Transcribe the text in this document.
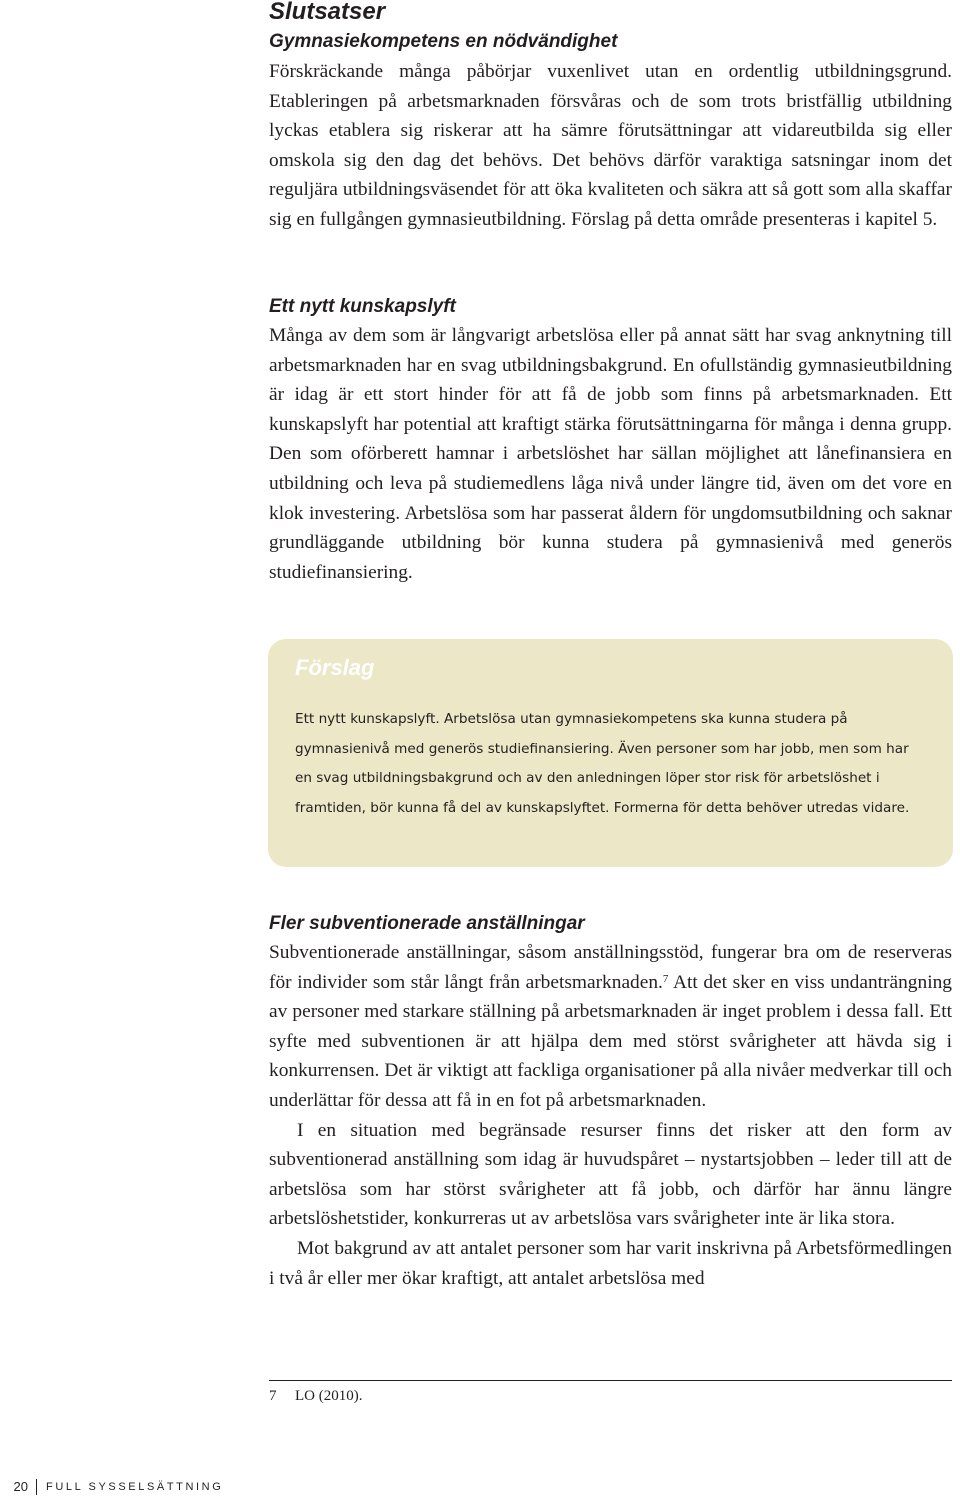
Slutsatser
Gymnasiekompetens en nödvändighet

Förskräckande många påbörjar vuxenlivet utan en ordentlig utbildningsgrund. Etableringen på arbetsmarknaden försvåras och de som trots bristfällig utbildning lyckas etablera sig riskerar att ha sämre förutsättningar att vidareutbilda sig eller omskola sig den dag det behövs. Det behövs därför varaktiga satsningar inom det reguljära utbildningsväsendet för att öka kvaliteten och säkra att så gott som alla skaffar sig en fullgången gymnasieutbildning. Förslag på detta område presenteras i kapitel 5.

Ett nytt kunskapslyft

Många av dem som är långvarigt arbetslösa eller på annat sätt har svag anknytning till arbetsmarknaden har en svag utbildningsbakgrund. En ofullständig gymnasieutbildning är idag är ett stort hinder för att få de jobb som finns på arbetsmarknaden. Ett kunskapslyft har potential att kraftigt stärka förutsättningarna för många i denna grupp. Den som oförberett hamnar i arbetslöshet har sällan möjlighet att lånefinansiera en utbildning och leva på studiemedlens låga nivå under längre tid, även om det vore en klok investering. Arbetslösa som har passerat åldern för ungdomsutbildning och saknar grundläggande utbildning bör kunna studera på gymnasienivå med generös studiefinansiering.

Förslag

Ett nytt kunskapslyft. Arbetslösa utan gymnasiekompetens ska kunna studera på gymnasienivå med generös studiefinansiering. Även personer som har jobb, men som har en svag utbildningsbakgrund och av den anledningen löper stor risk för arbetslöshet i framtiden, bör kunna få del av kunskapslyftet. Formerna för detta behöver utredas vidare.

Fler subventionerade anställningar

Subventionerade anställningar, såsom anställningsstöd, fungerar bra om de reserveras för individer som står långt från arbetsmarknaden.$^7$ Att det sker en viss undanträngning av personer med starkare ställning på arbetsmarknaden är inget problem i dessa fall. Ett syfte med subventionen är att hjälpa dem med störst svårigheter att hävda sig i konkurrensen. Det är viktigt att fackliga organisationer på alla nivåer medverkar till och underlättar för dessa att få in en fot på arbetsmarknaden.

I en situation med begränsade resurser finns det risker att den form av subventionerad anställning som idag är huvudspåret – nystartsjobben – leder till att de arbetslösa som har störst svårigheter att få jobb, och därför har ännu längre arbetslöshetstider, konkurreras ut av arbetslösa vars svårigheter inte är lika stora.

Mot bakgrund av att antalet personer som har varit inskrivna på Arbetsförmedlingen i två år eller mer ökar kraftigt, att antalet arbetslösa med

7 LO (2010).

20 FULL SYSSELSÄTTNING
